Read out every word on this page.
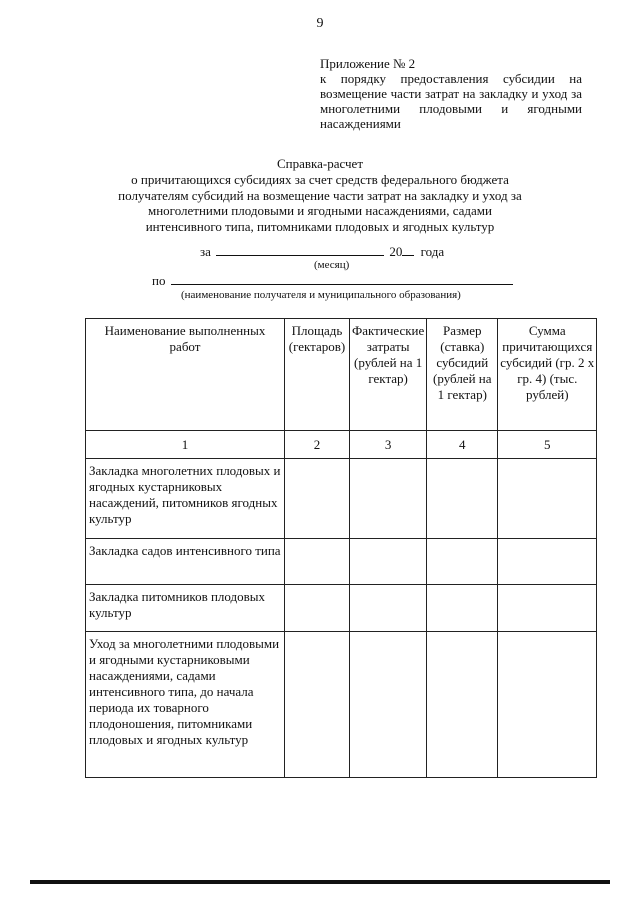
9
Приложение № 2
к порядку предоставления субсидии на возмещение части затрат на закладку и уход за многолетними плодовыми и ягодными насаждениями
Справка-расчет
о причитающихся субсидиях за счет средств федерального бюджета получателям субсидий на возмещение части затрат на закладку и уход за многолетними плодовыми и ягодными насаждениями, садами интенсивного типа, питомниками плодовых и ягодных культур
за	20 года
(месяц)
по
(наименование получателя и муниципального образования)
Наименование выполненных работ	Площадь (гектаров)	Фактические затраты (рублей на 1 гектар)	Размер (ставка) субсидий (рублей на 1 гектар)	Сумма причитающихся субсидий (гр. 2 х гр. 4) (тыс. рублей)

1	2	3	4	5

Закладка многолетних плодовых и ягодных кустарниковых насаждений, питомников ягодных культур				

Закладка садов интенсивного типа				

Закладка питомников плодовых культур				

Уход за многолетними плодовыми и ягодными кустарниковыми насаждениями, садами интенсивного типа, до начала периода их товарного плодоношения, питомниками плодовых и ягодных культур				
